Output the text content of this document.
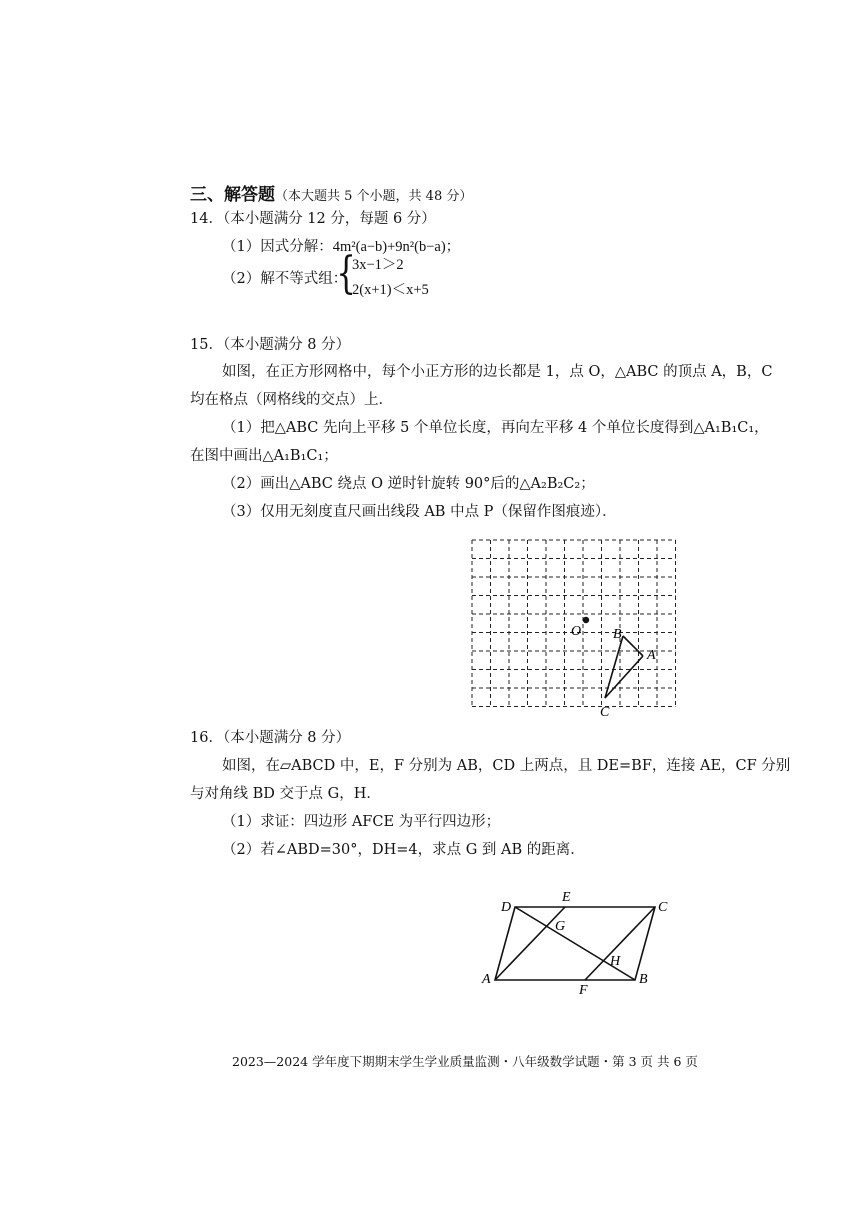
三、解答题（本大题共 5 个小题，共 48 分）
14．（本小题满分 12 分，每题 6 分）
（1）因式分解：4m²(a−b)+9n²(b−a)；
（2）解不等式组：
{
3x−1＞2
2(x+1)＜x+5
15．（本小题满分 8 分）
如图，在正方形网格中，每个小正方形的边长都是 1，点 O，△ABC 的顶点 A，B，C
均在格点（网格线的交点）上．
（1）把△ABC 先向上平移 5 个单位长度，再向左平移 4 个单位长度得到△A₁B₁C₁，
在图中画出△A₁B₁C₁；
（2）画出△ABC 绕点 O 逆时针旋转 90°后的△A₂B₂C₂；
（3）仅用无刻度直尺画出线段 AB 中点 P（保留作图痕迹）．
O B
A
C
16．（本小题满分 8 分）
如图，在▱ABCD 中，E，F 分别为 AB，CD 上两点，且 DE=BF，连接 AE，CF 分别
与对角线 BD 交于点 G，H．
（1）求证：四边形 AFCE 为平行四边形；
（2）若∠ABD=30°，DH=4，求点 G 到 AB 的距离．
D
E
C
G
H
A
F
B
2023—2024 学年度下期期末学生学业质量监测・八年级数学试题・第 3 页 共 6 页
